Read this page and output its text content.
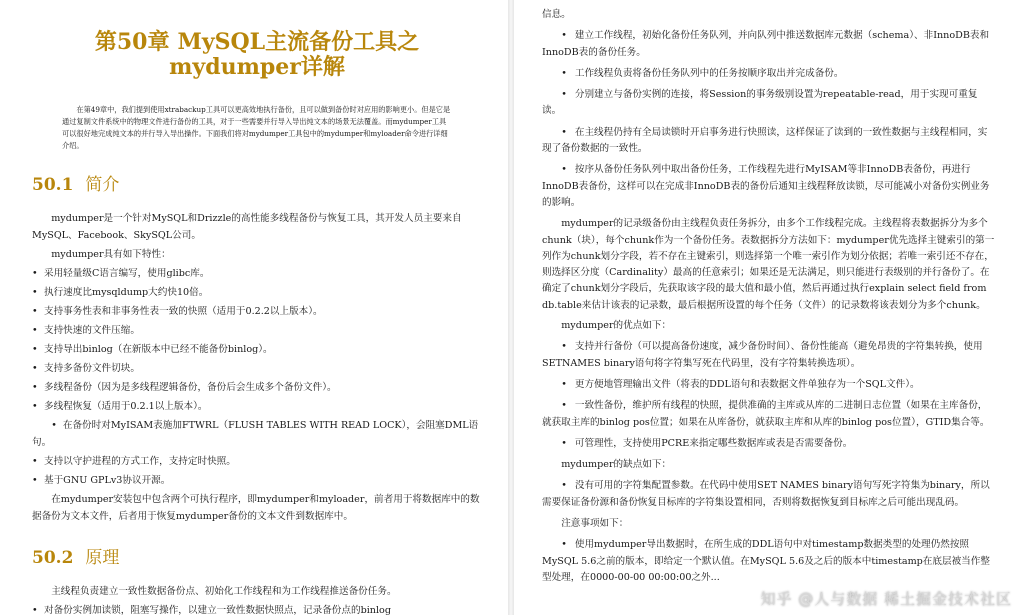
第50章 MySQL主流备份工具之mydumper详解

在第49章中，我们提到使用xtrabackup工具可以更高效地执行备份，且可以做到备份时对应用的影响更小。但是它是通过复制文件系统中的物理文件进行备份的工具，对于一些需要并行导入导出纯文本的场景无法覆盖。而mydumper工具可以很好地完成纯文本的并行导入导出操作。下面我们将对mydumper工具包中的mydumper和myloader命令进行详细介绍。

50.1 简介

mydumper是一个针对MySQL和Drizzle的高性能多线程备份与恢复工具，其开发人员主要来自MySQL、Facebook、SkySQL公司。

mydumper具有如下特性：

• 采用轻量级C语言编写，使用glibc库。
• 执行速度比mysqldump大约快10倍。
• 支持事务性表和非事务性表一致的快照（适用于0.2.2以上版本）。
• 支持快速的文件压缩。
• 支持导出binlog（在新版本中已经不能备份binlog）。
• 支持多备份文件切块。
• 多线程备份（因为是多线程逻辑备份，备份后会生成多个备份文件）。
• 多线程恢复（适用于0.2.1以上版本）。
• 在备份时对MyISAM表施加FTWRL（FLUSH TABLES WITH READ LOCK），会阻塞DML语句。
• 支持以守护进程的方式工作，支持定时快照。
• 基于GNU GPLv3协议开源。

在mydumper安装包中包含两个可执行程序，即mydumper和myloader，前者用于将数据库中的数据备份为文本文件，后者用于恢复mydumper备份的文本文件到数据库中。

50.2 原理

主线程负责建立一致性数据备份点、初始化工作线程和为工作线程推送备份任务。

• 对备份实例加读锁，阻塞写操作，以建立一致性数据快照点，记录备份点的binlog

信息。

• 建立工作线程，初始化备份任务队列，并向队列中推送数据库元数据（schema）、非InnoDB表和InnoDB表的备份任务。

• 工作线程负责将备份任务队列中的任务按顺序取出并完成备份。

• 分别建立与备份实例的连接，将Session的事务级别设置为repeatable-read，用于实现可重复读。

• 在主线程仍持有全局读锁时开启事务进行快照读，这样保证了读到的一致性数据与主线程相同，实现了备份数据的一致性。

• 按序从备份任务队列中取出备份任务，工作线程先进行MyISAM等非InnoDB表备份，再进行InnoDB表备份，这样可以在完成非InnoDB表的备份后通知主线程释放读锁，尽可能减小对备份实例业务的影响。

mydumper的记录级备份由主线程负责任务拆分，由多个工作线程完成。主线程将表数据拆分为多个chunk（块），每个chunk作为一个备份任务。表数据拆分方法如下：mydumper优先选择主键索引的第一列作为chunk划分字段，若不存在主键索引，则选择第一个唯一索引作为划分依据；若唯一索引还不存在，则选择区分度（Cardinality）最高的任意索引；如果还是无法满足，则只能进行表级别的并行备份了。在确定了chunk划分字段后，先获取该字段的最大值和最小值，然后再通过执行explain select field from db.table来估计该表的记录数，最后根据所设置的每个任务（文件）的记录数将该表划分为多个chunk。

mydumper的优点如下：

• 支持并行备份（可以提高备份速度，减少备份时间）、备份性能高（避免昂贵的字符集转换，使用SETNAMES binary语句将字符集写死在代码里，没有字符集转换选项）。

• 更方便地管理输出文件（将表的DDL语句和表数据文件单独存为一个SQL文件）。

• 一致性备份，维护所有线程的快照，提供准确的主库或从库的二进制日志位置（如果在主库备份，就获取主库的binlog pos位置；如果在从库备份，就获取主库和从库的binlog pos位置），GTID集合等。

• 可管理性，支持使用PCRE来指定哪些数据库或表是否需要备份。

mydumper的缺点如下：

• 没有可用的字符集配置参数。在代码中使用SET NAMES binary语句写死字符集为binary，所以需要保证备份源和备份恢复目标库的字符集设置相同，否则将数据恢复到目标库之后可能出现乱码。

注意事项如下：

• 使用mydumper导出数据时，在所生成的DDL语句中对timestamp数据类型的处理仍然按照MySQL 5.6之前的版本，即给定一个默认值。在MySQL 5.6及之后的版本中timestamp在底层被当作整型处理，在0000-00-00 00:00:00之外...

知乎 @人与数据 稀土掘金技术社区
